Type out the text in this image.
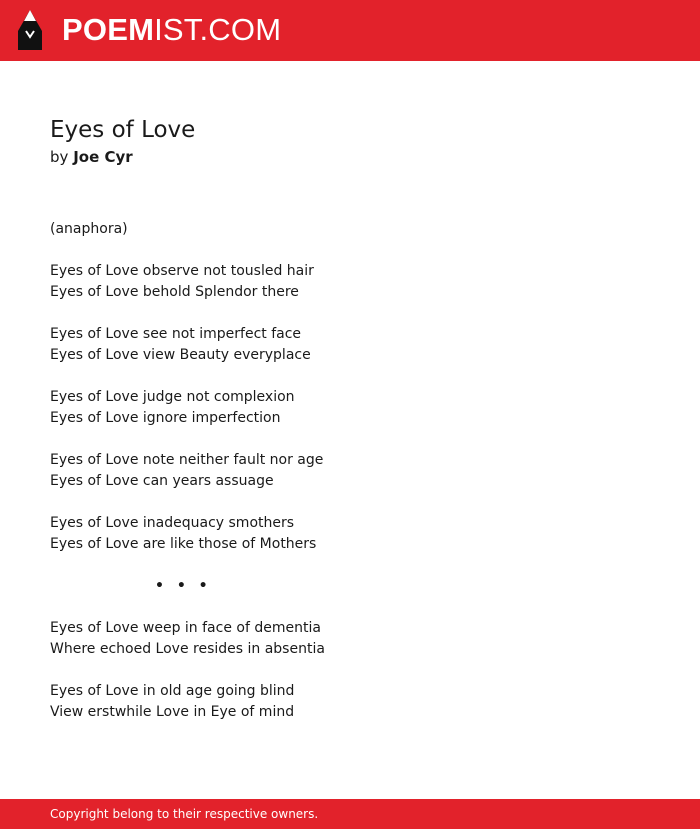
POEMIST.COM
Eyes of Love

by Joe Cyr

(anaphora)
Eyes of Love observe not tousled hair
Eyes of Love behold Splendor there
Eyes of Love see not imperfect face
Eyes of Love view Beauty everyplace
Eyes of Love judge not complexion
Eyes of Love ignore imperfection
Eyes of Love note neither fault nor age
Eyes of Love can years assuage
Eyes of Love inadequacy smothers
Eyes of Love are like those of Mothers
• • •
Eyes of Love weep in face of dementia
Where echoed Love resides in absentia
Eyes of Love in old age going blind
View erstwhile Love in Eye of mind
Copyright belong to their respective owners.
